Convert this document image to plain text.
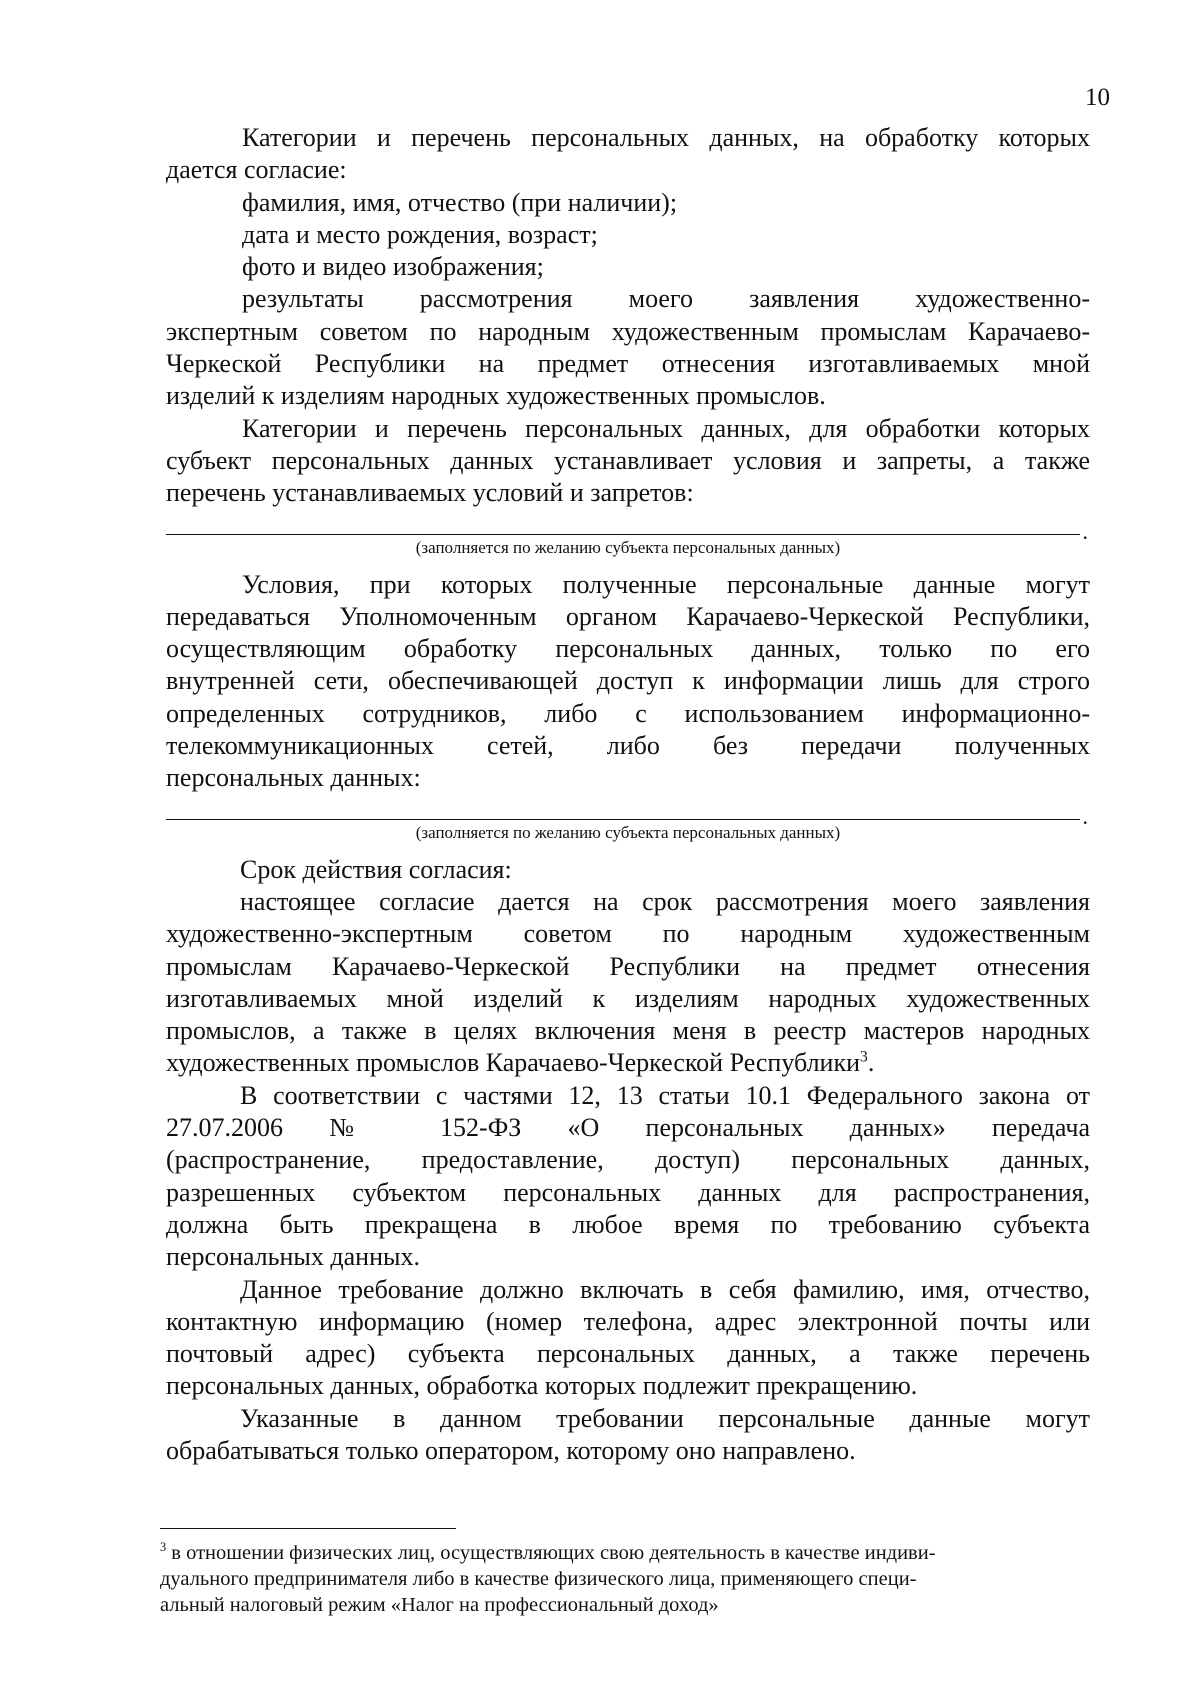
10
Категории и перечень персональных данных, на обработку которых
дается согласие:
фамилия, имя, отчество (при наличии);
дата и место рождения, возраст;
фото и видео изображения;
результаты рассмотрения моего заявления художественно-
экспертным советом по народным художественным промыслам Карачаево-
Черкеской Республики на предмет отнесения изготавливаемых мной
изделий к изделиям народных художественных промыслов.
Категории и перечень персональных данных, для обработки которых
субъект персональных данных устанавливает условия и запреты, а также
перечень устанавливаемых условий и запретов:
.
(заполняется по желанию субъекта персональных данных)
Условия, при которых полученные персональные данные могут
передаваться Уполномоченным органом Карачаево-Черкеской Республики,
осуществляющим обработку персональных данных, только по его
внутренней сети, обеспечивающей доступ к информации лишь для строго
определенных сотрудников, либо с использованием информационно-
телекоммуникационных сетей, либо без передачи полученных
персональных данных:
.
(заполняется по желанию субъекта персональных данных)
Срок действия согласия:
настоящее согласие дается на срок рассмотрения моего заявления
художественно-экспертным советом по народным художественным
промыслам Карачаево-Черкеской Республики на предмет отнесения
изготавливаемых мной изделий к изделиям народных художественных
промыслов, а также в целях включения меня в реестр мастеров народных
художественных промыслов Карачаево-Черкеской Республики$^3$.
В соответствии с частями 12, 13 статьи 10.1 Федерального закона от
27.07.2006 № 152-ФЗ «О персональных данных» передача
(распространение, предоставление, доступ) персональных данных,
разрешенных субъектом персональных данных для распространения,
должна быть прекращена в любое время по требованию субъекта
персональных данных.
Данное требование должно включать в себя фамилию, имя, отчество,
контактную информацию (номер телефона, адрес электронной почты или
почтовый адрес) субъекта персональных данных, а также перечень
персональных данных, обработка которых подлежит прекращению.
Указанные в данном требовании персональные данные могут
обрабатываться только оператором, которому оно направлено.
$^3$ в отношении физических лиц, осуществляющих свою деятельность в качестве индиви-
дуального предпринимателя либо в качестве физического лица, применяющего специ-
альный налоговый режим «Налог на профессиональный доход»
